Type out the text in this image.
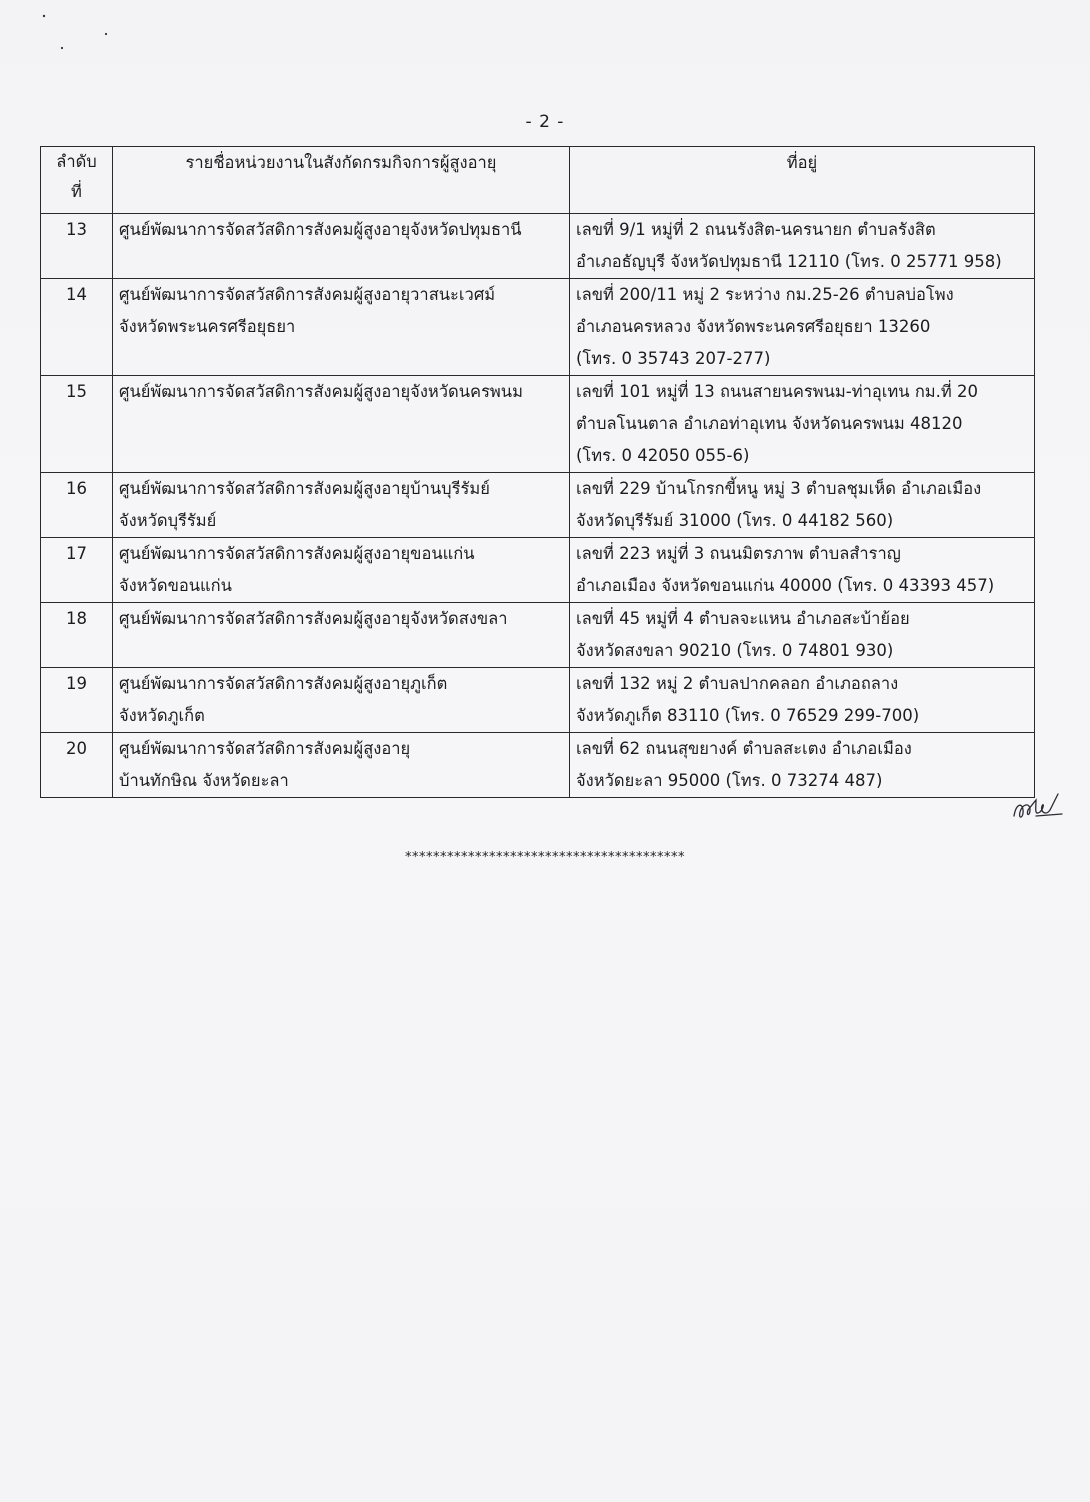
- 2 -
ลำดับ
ที่	รายชื่อหน่วยงานในสังกัดกรมกิจการผู้สูงอายุ	ที่อยู่
13	ศูนย์พัฒนาการจัดสวัสดิการสังคมผู้สูงอายุจังหวัดปทุมธานี	เลขที่ 9/1 หมู่ที่ 2 ถนนรังสิต-นครนายก ตำบลรังสิต
อำเภอธัญบุรี จังหวัดปทุมธานี 12110 (โทร. 0 25771 958)

14	ศูนย์พัฒนาการจัดสวัสดิการสังคมผู้สูงอายุวาสนะเวศม์
จังหวัดพระนครศรีอยุธยา	เลขที่ 200/11 หมู่ 2 ระหว่าง กม.25-26 ตำบลบ่อโพง
อำเภอนครหลวง จังหวัดพระนครศรีอยุธยา 13260
(โทร. 0 35743 207-277)

15	ศูนย์พัฒนาการจัดสวัสดิการสังคมผู้สูงอายุจังหวัดนครพนม	เลขที่ 101 หมู่ที่ 13 ถนนสายนครพนม-ท่าอุเทน กม.ที่ 20
ตำบลโนนตาล อำเภอท่าอุเทน จังหวัดนครพนม 48120
(โทร. 0 42050 055-6)

16	ศูนย์พัฒนาการจัดสวัสดิการสังคมผู้สูงอายุบ้านบุรีรัมย์
จังหวัดบุรีรัมย์	เลขที่ 229 บ้านโกรกขี้หนู หมู่ 3 ตำบลชุมเห็ด อำเภอเมือง
จังหวัดบุรีรัมย์ 31000 (โทร. 0 44182 560)

17	ศูนย์พัฒนาการจัดสวัสดิการสังคมผู้สูงอายุขอนแก่น
จังหวัดขอนแก่น	เลขที่ 223 หมู่ที่ 3 ถนนมิตรภาพ ตำบลสำราญ
อำเภอเมือง จังหวัดขอนแก่น 40000 (โทร. 0 43393 457)

18	ศูนย์พัฒนาการจัดสวัสดิการสังคมผู้สูงอายุจังหวัดสงขลา	เลขที่ 45 หมู่ที่ 4 ตำบลจะแหน อำเภอสะบ้าย้อย
จังหวัดสงขลา 90210 (โทร. 0 74801 930)

19	ศูนย์พัฒนาการจัดสวัสดิการสังคมผู้สูงอายุภูเก็ต
จังหวัดภูเก็ต	เลขที่ 132 หมู่ 2 ตำบลปากคลอก อำเภอถลาง
จังหวัดภูเก็ต 83110 (โทร. 0 76529 299-700)

20	ศูนย์พัฒนาการจัดสวัสดิการสังคมผู้สูงอายุ
บ้านทักษิณ จังหวัดยะลา	เลขที่ 62 ถนนสุขยางค์ ตำบลสะเตง อำเภอเมือง
จังหวัดยะลา 95000 (โทร. 0 73274 487)
****************************************
